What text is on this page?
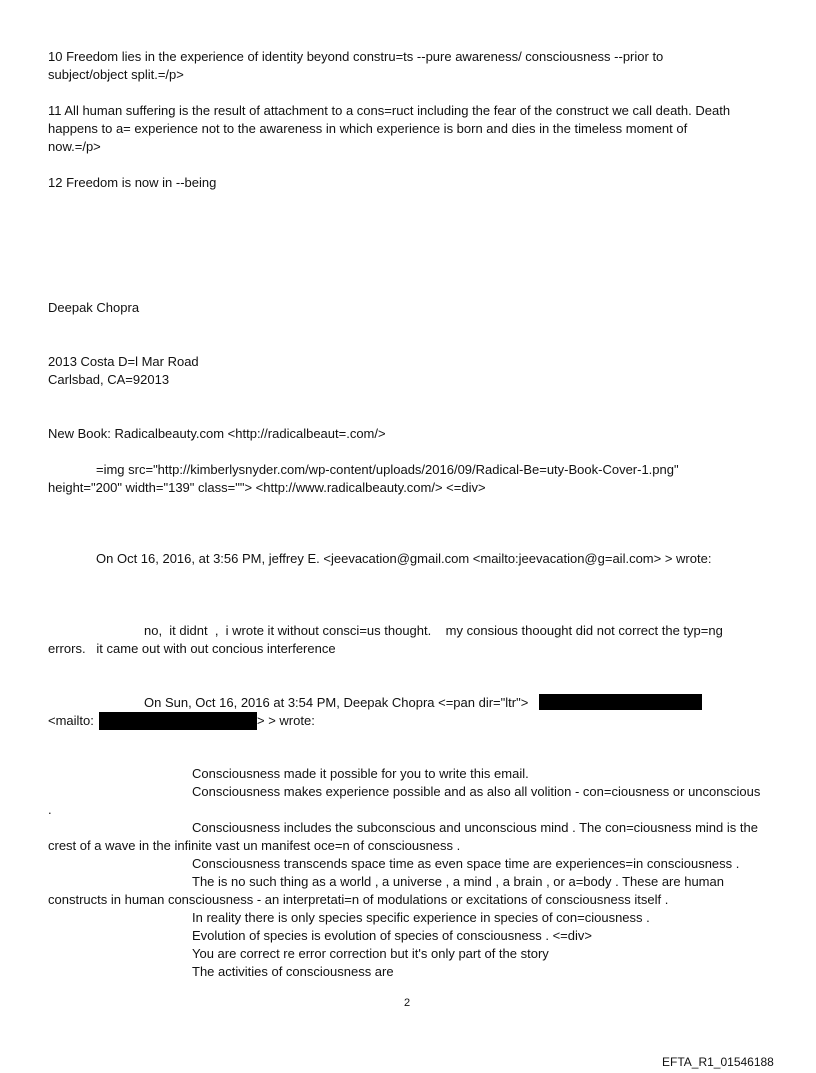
10 Freedom lies in the experience of identity beyond constru=ts --pure awareness/ consciousness --prior to
subject/object split.=/p>
11 All human suffering is the result of attachment to a cons=ruct including the fear of the construct we call death. Death
happens to a= experience not to the awareness in which experience is born and dies in the timeless moment of
now.=/p>
12 Freedom is now in --being
Deepak Chopra
2013 Costa D=l Mar Road
Carlsbad, CA=92013
New Book: Radicalbeauty.com <http://radicalbeaut=.com/>
=img src="http://kimberlysnyder.com/wp-content/uploads/2016/09/Radical-Be=uty-Book-Cover-1.png"
height="200" width="139" class=""> <http://www.radicalbeauty.com/> <=div>
On Oct 16, 2016, at 3:56 PM, jeffrey E. <jeevacation@gmail.com <mailto:jeevacation@g=ail.com> > wrote:
no,  it didnt  ,  i wrote it without consci=us thought.    my consious thoought did not correct the typ=ng
errors.   it came out with out concious interference
On Sun, Oct 16, 2016 at 3:54 PM, Deepak Chopra <=pan dir="ltr">
<mailto:	> > wrote:
Consciousness made it possible for you to write this email.
Consciousness makes experience possible and as also all volition - con=ciousness or unconscious
.
Consciousness includes the subconscious and unconscious mind . The con=ciousness mind is the
crest of a wave in the infinite vast un manifest oce=n of consciousness .
Consciousness transcends space time as even space time are experiences=in consciousness .
The is no such thing as a world , a universe , a mind , a brain , or a=body . These are human
constructs in human consciousness - an interpretati=n of modulations or excitations of consciousness itself .
In reality there is only species specific experience in species of con=ciousness .
Evolution of species is evolution of species of consciousness . <=div>
You are correct re error correction but it's only part of the story
The activities of consciousness are
2
EFTA_R1_01546188
